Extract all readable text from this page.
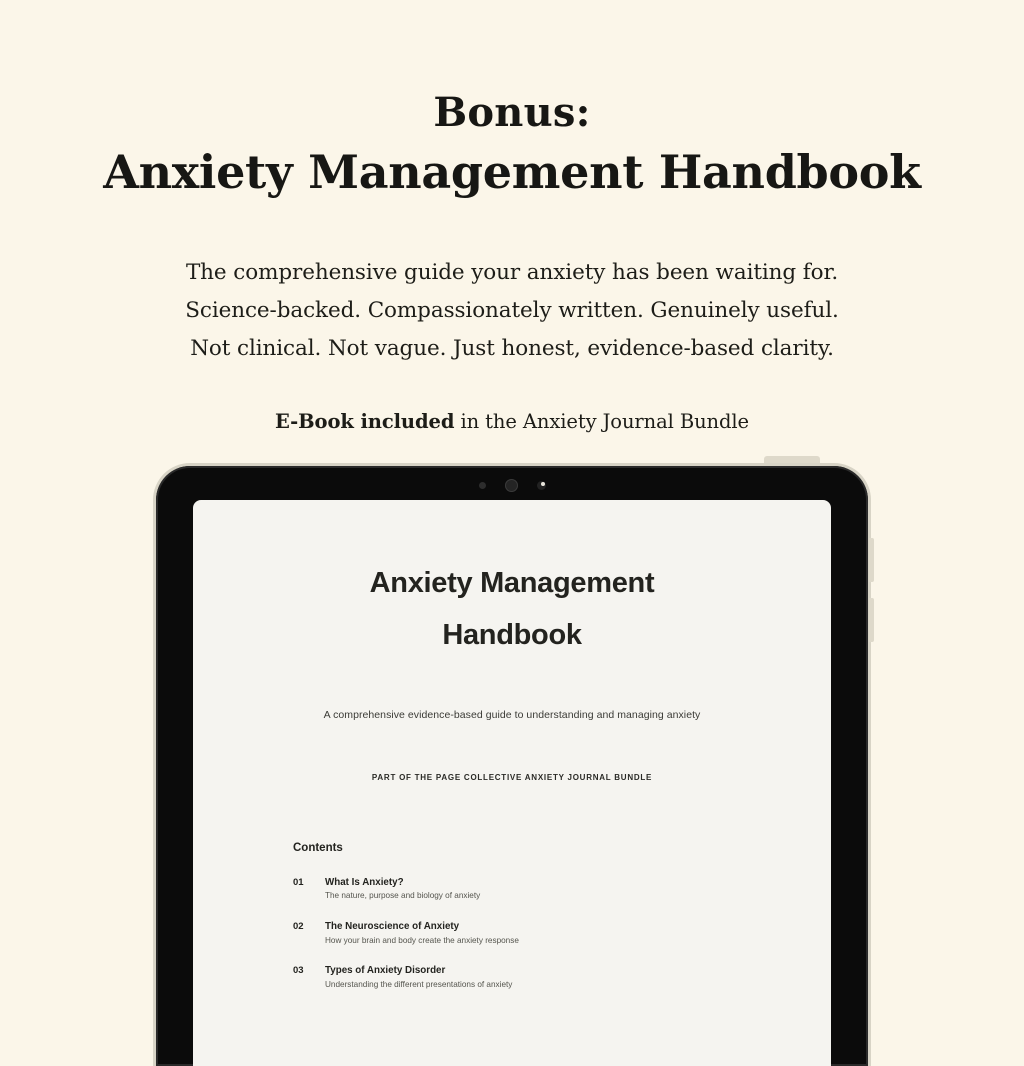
Bonus:
Anxiety Management Handbook
The comprehensive guide your anxiety has been waiting for.
Science-backed. Compassionately written. Genuinely useful.
Not clinical. Not vague. Just honest, evidence-based clarity.
E-Book included in the Anxiety Journal Bundle
Anxiety Management
Handbook
A comprehensive evidence-based guide to understanding and managing anxiety
PART OF THE PAGE COLLECTIVE ANXIETY JOURNAL BUNDLE
Contents
01	What Is Anxiety?
The nature, purpose and biology of anxiety
02	The Neuroscience of Anxiety
How your brain and body create the anxiety response
03	Types of Anxiety Disorder
Understanding the different presentations of anxiety
